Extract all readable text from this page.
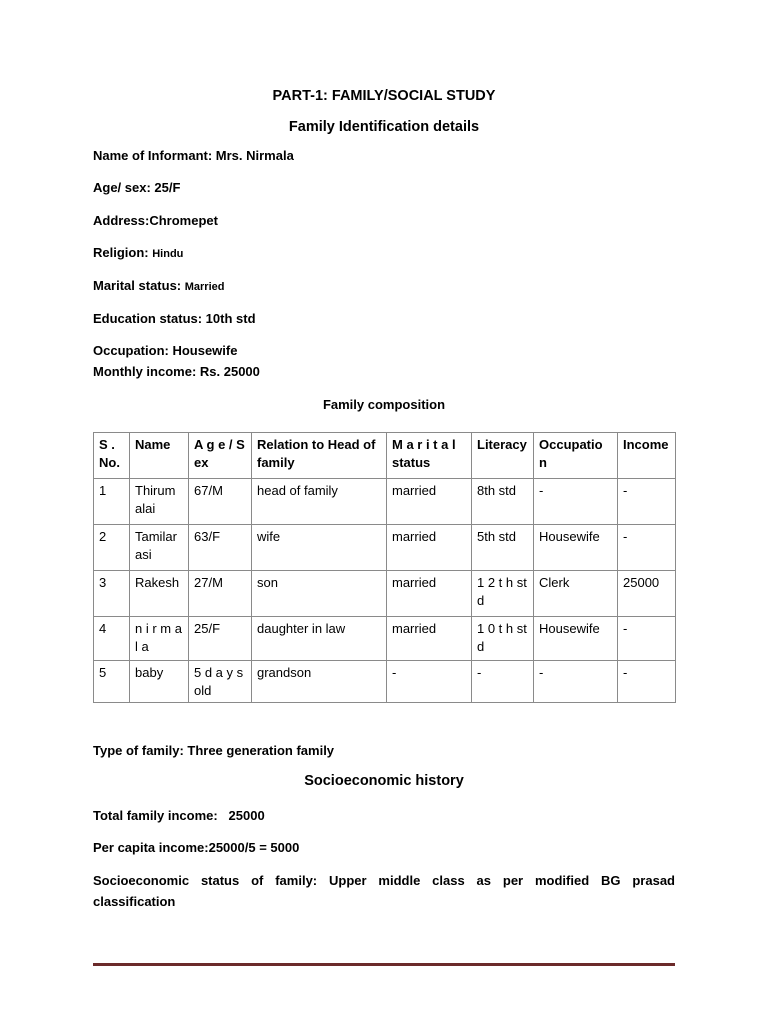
PART-1: FAMILY/SOCIAL STUDY
Family Identification details
Name of Informant: Mrs. Nirmala
Age/ sex: 25/F
Address:Chromepet
Religion: Hindu
Marital status: Married
Education status: 10th std
Occupation: Housewife
Monthly income: Rs. 25000
Family composition
S . No.	Name	A g e / Sex	Relation to Head of family	M a r i t a l status	Literacy	Occupatio n	Income
1	Thirum alai	67/M	head of family	married	8th std	-	-
2	Tamilar asi	63/F	wife	married	5th std	Housewife	-
3	Rakesh	27/M	son	married	1 2 t h std	Clerk	25000
4	n i r m a l a	25/F	daughter in law	married	1 0 t h std	Housewife	-
5	baby	5 d a y s old	grandson	-	-	-	-
Type of family: Three generation family
Socioeconomic history
Total family income:   25000
Per capita income:25000/5 = 5000
Socioeconomic status of family: Upper middle class as per modified BG prasad
classification
